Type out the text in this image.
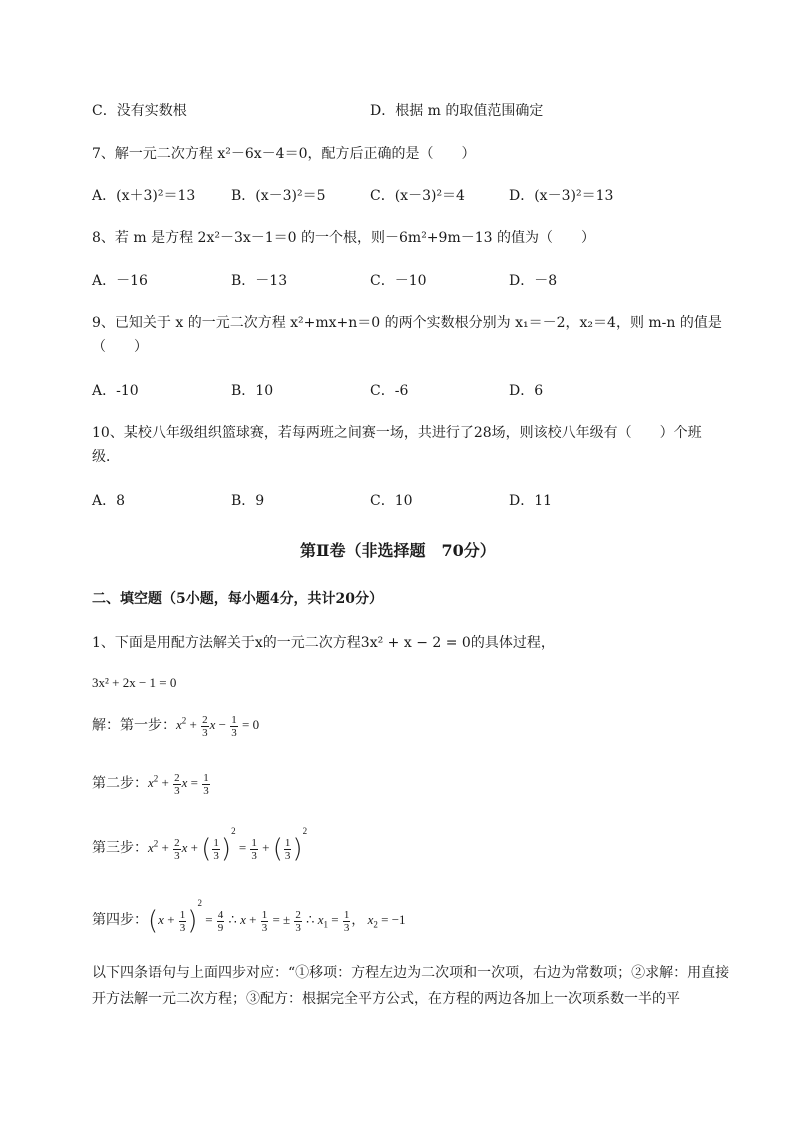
C．没有实数根	D．根据 m 的取值范围确定
7、解一元二次方程 x²－6x－4＝0，配方后正确的是（　　）
A．(x＋3)²＝13	B．(x－3)²＝5	C．(x－3)²＝4	D．(x－3)²＝13
8、若 m 是方程 2x²－3x－1＝0 的一个根，则－6m²+9m－13 的值为（　　）
A．－16	B．－13	C．－10	D．－8
9、已知关于 x 的一元二次方程 x²+mx+n＝0 的两个实数根分别为 x₁＝－2，x₂＝4，则 m-n 的值是
（　　）
A．-10	B．10	C．-6	D．6
10、某校八年级组织篮球赛，若每两班之间赛一场，共进行了28场，则该校八年级有（　　）个班
级．
A．8	B．9	C．10	D．11
第Ⅱ卷（非选择题　70分）
二、填空题（5小题，每小题4分，共计20分）
1、下面是用配方法解关于x的一元二次方程3x² + x − 2 = 0的具体过程，
3x² + 2x − 1 = 0
解：第一步：$x^2 + \frac{2}{3}$ $x - \frac{1}{3} = 0$
第二步：$x^2 + \frac{2}{3}$ $x = \frac{1}{3}$
第三步：$x^2 + \frac{2}{3}$ x + ( $\frac{1}{3} )^2 = \frac{1}{3}$ + ( $\frac{1}{3} )^2$
第四步：$(x + \frac{1}{3} )^2 = \frac{4}{9}$ ∴ $x + \frac{1}{3}$ = ± $\frac{2}{3}$ ∴ $x_1 = \frac{1}{3}$ ， $x_2 = -1$
以下四条语句与上面四步对应：“①移项：方程左边为二次项和一次项，右边为常数项；②求解：用直接开方法解一元二次方程；③配方：根据完全平方公式，在方程的两边各加上一次项系数一半的平
